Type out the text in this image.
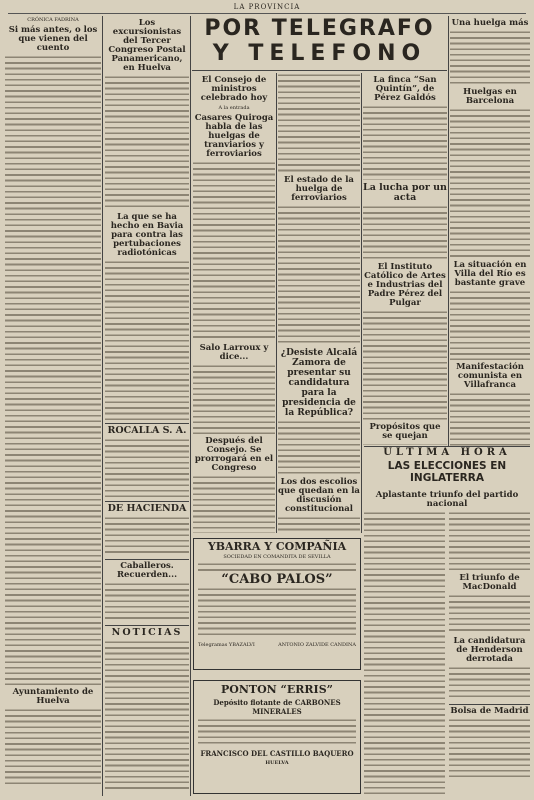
LA PROVINCIA
CRÓNICA FADRINA
Si más antes, o los que vienen del cuento
Ayuntamiento de Huelva
Los excursionistas del Tercer Congreso Postal Panamericano, en Huelva
La que se ha hecho en Bavia para contra las pertubaciones radiotónicas
ROCALLA S. A.
DE HACIENDA
Caballeros. Recuerden...
NOTICIAS
POR TELEGRAFO
Y TELEFONO
El Consejo de ministros celebrado hoy
A la entrada
Casares Quiroga habla de las huelgas de tranviarios y ferroviarios
Salo Larroux y dice...
Después del Consejo. Se prorrogará en el Congreso
El estado de la huelga de ferroviarios
¿Desiste Alcalá Zamora de presentar su candidatura para la presidencia de la República?
Los dos escolios que quedan en la discusión constitucional
La finca “San Quintín”, de Pérez Galdós
La lucha por un acta
El Instituto Católico de Artes e Industrias del Padre Pérez del Pulgar
Propósitos que se quejan
Una huelga más
Huelgas en Barcelona
La situación en Villa del Río es bastante grave
Manifestación comunista en Villafranca
ULTIMA HORA
LAS ELECCIONES EN INGLATERRA
Aplastante triunfo del partido nacional
El triunfo de MacDonald
La candidatura de Henderson derrotada
Bolsa de Madrid
YBARRA Y COMPAÑIA
SOCIEDAD EN COMANDITA DE SEVILLA
“CABO PALOS”
Telegramas YBAZALVI	ANTONIO ZALVIDE CANDINA
PONTON “ERRIS”
Depósito flotante de CARBONES MINERALES
FRANCISCO DEL CASTILLO BAQUERO
HUELVA
